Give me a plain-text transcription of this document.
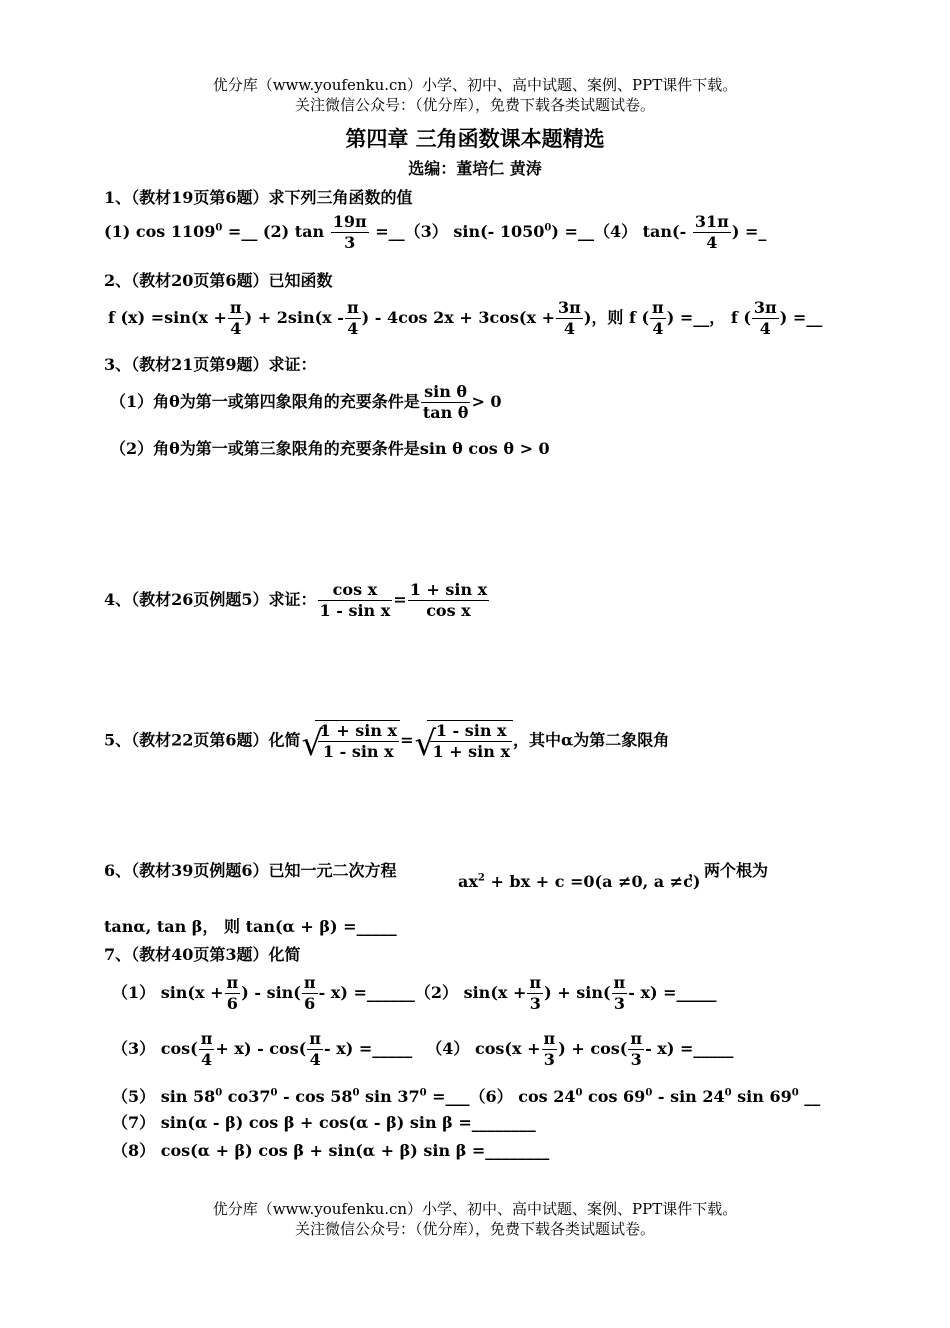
优分库（www.youfenku.cn）小学、初中、高中试题、案例、PPT课件下载。
关注微信公众号：（优分库），免费下载各类试题试卷。
第四章 三角函数课本题精选
选编：董培仁 黄涛
1、（教材19页第6题）求下列三角函数的值
(1) $\cos 1109^0$ =__ (2) $\tan \frac{19\pi}{3}$ =__（3） sin(- $1050^0$) =__（4） $\tan(- \frac{31\pi}{4}$ ) =_
2、（教材20页第6题）已知函数
f $(x) =\sin(x + \frac{\pi}{4}$ ) + $2\sin(x - \frac{\pi}{4}$ ) - 4cos $2x + 3\cos(x + \frac{3\pi}{4}$ )，则 f ( $\frac{\pi}{4}$ ) =__， f ( $\frac{3\pi}{4}$ ) =__
3、（教材21页第9题）求证：
（1）角θ为第一或第四象限角的充要条件是 $\frac{\text{sin θ}}{\text{tan θ}} > 0$
（2）角θ为第一或第三象限角的充要条件是sin θ cos θ > 0
4、（教材26页例题5）求证： $\frac{\text{cos x}}{\text{1 - sin x}} = \frac{\text{1 + sin x}}{\text{cos x}}$
5、（教材22页第6题）化简 √ $\frac{\text{1 + sin x}}{\text{1 - sin x}}$ = √ $\frac{\text{1 - sin x}}{\text{1 + sin x}}$ ，其中α为第二象限角
6、（教材39页例题6）已知一元二次方程
$ax^2$ + bx + c =0(a ≠0, a ≠c)
，两个根为
tanα, tan β， 则 tan(α + β) =_____
7、（教材40页第3题）化简
（1） $\sin(x + \frac{\pi}{6}$ ) - $\sin( \frac{\pi}{6} - x)$ =______（2） $\sin(x + \frac{\pi}{3}$ ) + $\sin( \frac{\pi}{3} - x)$ =_____
（3） $\cos( \frac{\pi}{4} + x) - \cos( \frac{\pi}{4} - x)$ =_____ （4） $\cos(x + \frac{\pi}{3}$ ) + $\cos( \frac{\pi}{3} - x)$ =_____
（5） $\sin 58^0$ $co37^0$ - $\cos 58^0$ $\sin 37^0$ =___（6） $\cos 24^0$ $\cos 69^0$ - $\sin 24^0$ $\sin 69^0$ __
（7） sin(α - β) cos β + cos(α - β) sin β =________
（8） cos(α + β) cos β + sin(α + β) sin β =________
优分库（www.youfenku.cn）小学、初中、高中试题、案例、PPT课件下载。
关注微信公众号：（优分库），免费下载各类试题试卷。
